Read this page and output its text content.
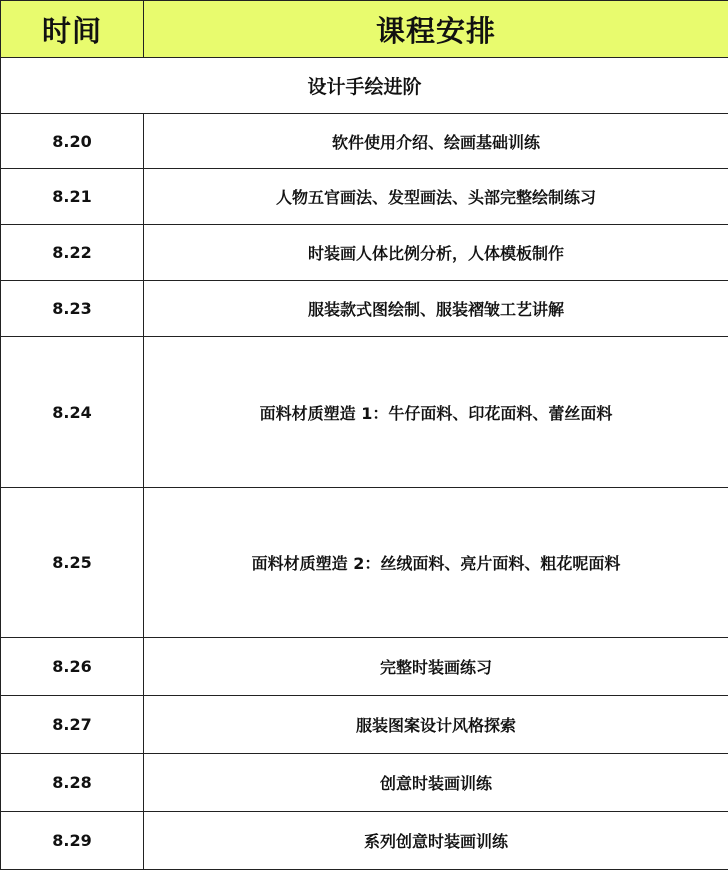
时间	课程安排
设计手绘进阶	
8.20	软件使用介绍、绘画基础训练
8.21	人物五官画法、发型画法、头部完整绘制练习
8.22	时装画人体比例分析，人体模板制作
8.23	服装款式图绘制、服装褶皱工艺讲解
8.24	面料材质塑造 1：牛仔面料、印花面料、蕾丝面料
8.25	面料材质塑造 2：丝绒面料、亮片面料、粗花呢面料
8.26	完整时装画练习
8.27	服装图案设计风格探索
8.28	创意时装画训练
8.29	系列创意时装画训练
